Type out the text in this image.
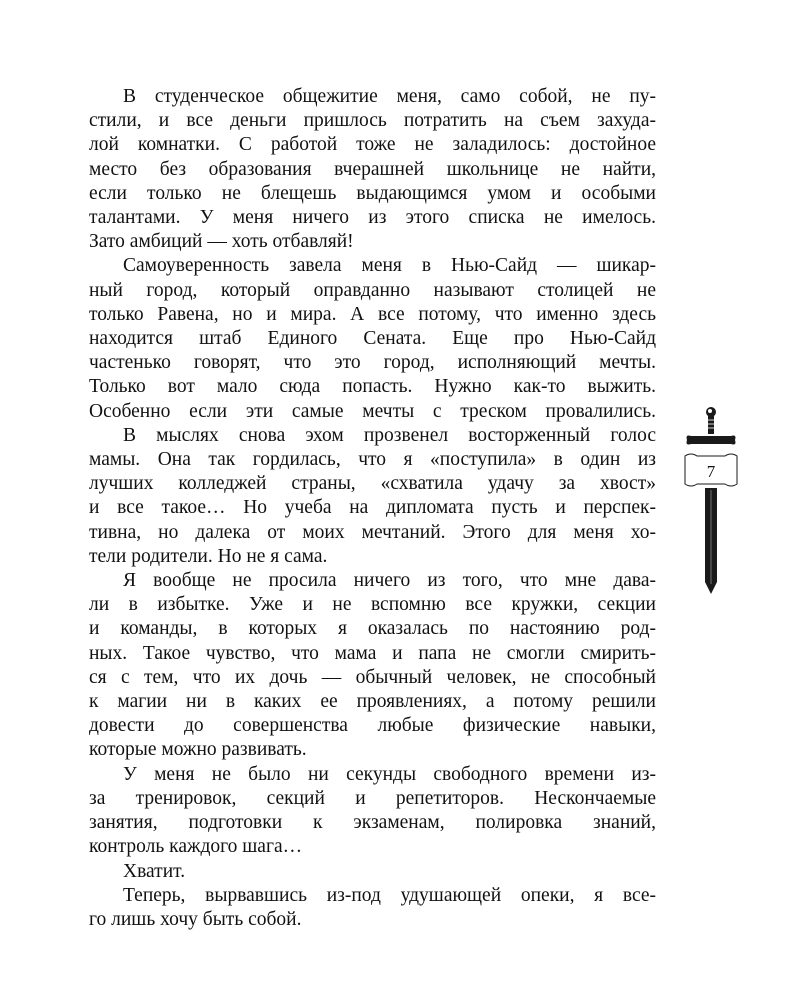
В студенческое общежитие меня, само собой, не пу-
стили, и все деньги пришлось потратить на съем захуда-
лой комнатки. С работой тоже не заладилось: достойное
место без образования вчерашней школьнице не найти,
если только не блещешь выдающимся умом и особыми
талантами. У меня ничего из этого списка не имелось.
Зато амбиций — хоть отбавляй!
Самоуверенность завела меня в Нью-Сайд — шикар-
ный город, который оправданно называют столицей не
только Равена, но и мира. А все потому, что именно здесь
находится штаб Единого Сената. Еще про Нью-Сайд
частенько говорят, что это город, исполняющий мечты.
Только вот мало сюда попасть. Нужно как-то выжить.
Особенно если эти самые мечты с треском провалились.
В мыслях снова эхом прозвенел восторженный голос
мамы. Она так гордилась, что я «поступила» в один из
лучших колледжей страны, «схватила удачу за хвост»
и все такое… Но учеба на дипломата пусть и перспек-
тивна, но далека от моих мечтаний. Этого для меня хо-
тели родители. Но не я сама.
Я вообще не просила ничего из того, что мне дава-
ли в избытке. Уже и не вспомню все кружки, секции
и команды, в которых я оказалась по настоянию род-
ных. Такое чувство, что мама и папа не смогли смирить-
ся с тем, что их дочь — обычный человек, не способный
к магии ни в каких ее проявлениях, а потому решили
довести до совершенства любые физические навыки,
которые можно развивать.
У меня не было ни секунды свободного времени из-
за тренировок, секций и репетиторов. Нескончаемые
занятия, подготовки к экзаменам, полировка знаний,
контроль каждого шага…
Хватит.
Теперь, вырвавшись из-под удушающей опеки, я все-
го лишь хочу быть собой.
7
